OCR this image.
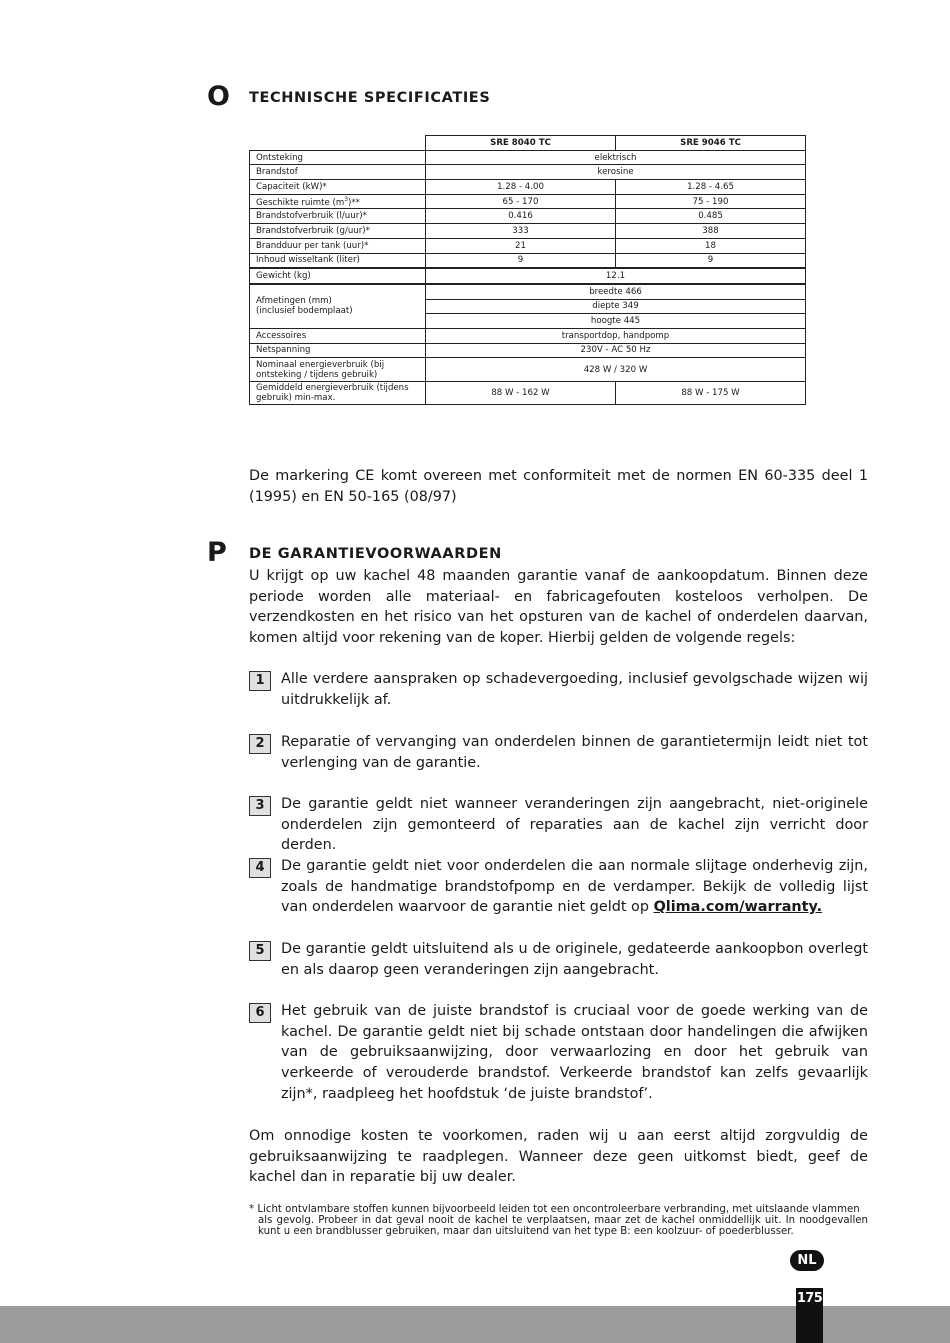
O TECHNISCHE SPECIFICATIES
	SRE 8040 TC	SRE 9046 TC
Ontsteking	elektrisch	
Brandstof	kerosine	
Capaciteit (kW)*	1.28 - 4.00	1.28 - 4.65
Geschikte ruimte $(m^3)**$	65 - 170	75 - 190
Brandstofverbruik (l/uur)*	0.416	0.485
Brandstofverbruik (g/uur)*	333	388
Brandduur per tank (uur)*	21	18
Inhoud wisseltank (liter)	9	9
Gewicht (kg)	12.1	
Afmetingen (mm)
(inclusief bodemplaat)	breedte 466	
	diepte 349	
	hoogte 445	
Accessoires	transportdop, handpomp	
Netspanning	230V - AC 50 Hz	
Nominaal energieverbruik (bij
ontsteking / tijdens gebruik)	428 W / 320 W	
Gemiddeld energieverbruik (tijdens
gebruik) min-max.	88 W - 162 W	88 W - 175 W
De markering CE komt overeen met conformiteit met de normen EN 60-335 deel 1 (1995) en EN 50-165 (08/97)
P DE GARANTIEVOORWAARDEN
U krijgt op uw kachel 48 maanden garantie vanaf de aankoopdatum. Binnen deze periode worden alle materiaal- en fabricagefouten kosteloos verholpen. De verzendkosten en het risico van het opsturen van de kachel of onderdelen daarvan, komen altijd voor rekening van de koper. Hierbij gelden de volgende regels:
1	Alle verdere aanspraken op schadevergoeding, inclusief gevolgschade wijzen wij uitdrukkelijk af.
2	Reparatie of vervanging van onderdelen binnen de garantietermijn leidt niet tot verlenging van de garantie.
3	De garantie geldt niet wanneer veranderingen zijn aangebracht, niet-originele onderdelen zijn gemonteerd of reparaties aan de kachel zijn verricht door derden.
4	De garantie geldt niet voor onderdelen die aan normale slijtage onderhevig zijn, zoals de handmatige brandstofpomp en de verdamper. Bekijk de volledig lijst van onderdelen waarvoor de garantie niet geldt op Qlima.com/warranty.
5	De garantie geldt uitsluitend als u de originele, gedateerde aankoopbon overlegt en als daarop geen veranderingen zijn aangebracht.
6	Het gebruik van de juiste brandstof is cruciaal voor de goede werking van de kachel. De garantie geldt niet bij schade ontstaan door handelingen die afwijken van de gebruiksaanwijzing, door verwaarlozing en door het gebruik van verkeerde of verouderde brandstof. Verkeerde brandstof kan zelfs gevaarlijk zijn*, raadpleeg het hoofdstuk ‘de juiste brandstof’.
Om onnodige kosten te voorkomen, raden wij u aan eerst altijd zorgvuldig de gebruiksaanwijzing te raadplegen. Wanneer deze geen uitkomst biedt, geef de kachel dan in reparatie bij uw dealer.
* Licht ontvlambare stoffen kunnen bijvoorbeeld leiden tot een oncontroleerbare verbranding, met uitslaande vlammen
als gevolg. Probeer in dat geval nooit de kachel te verplaatsen, maar zet de kachel onmiddellijk uit. In noodgevallen kunt u een brandblusser gebruiken, maar dan uitsluitend van het type B: een koolzuur- of poederblusser.
NL
175
